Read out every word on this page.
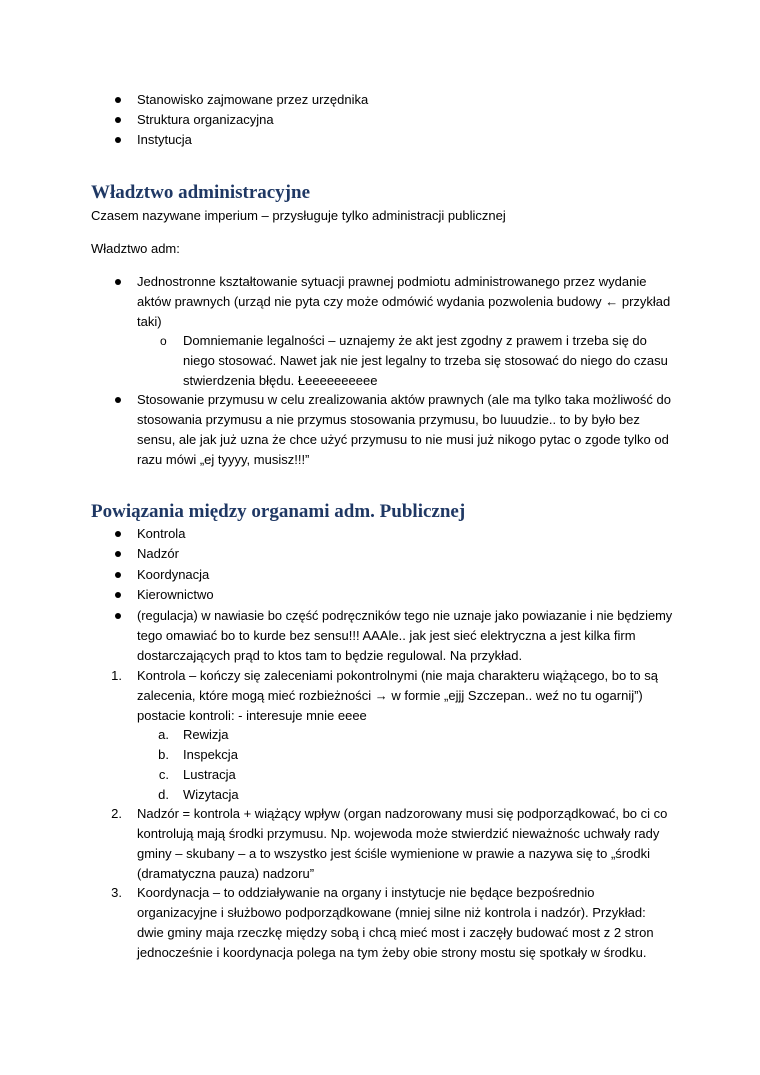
Stanowisko zajmowane przez urzędnika
Struktura organizacyjna
Instytucja
Władztwo administracyjne
Czasem nazywane imperium – przysługuje tylko administracji publicznej
Władztwo adm:
Jednostronne kształtowanie sytuacji prawnej podmiotu administrowanego przez wydanie
aktów prawnych (urząd nie pyta czy może odmówić wydania pozwolenia budowy ← przykład
taki)
o Domniemanie legalności – uznajemy że akt jest zgodny z prawem i trzeba się do
niego stosować. Nawet jak nie jest legalny to trzeba się stosować do niego do czasu
stwierdzenia błędu. Łeeeeeeeeee
Stosowanie przymusu w celu zrealizowania aktów prawnych (ale ma tylko taka możliwość do
stosowania przymusu a nie przymus stosowania przymusu, bo luuudzie.. to by było bez
sensu, ale jak już uzna że chce użyć przymusu to nie musi już nikogo pytac o zgode tylko od
razu mówi „ej tyyyy, musisz!!!”
Powiązania między organami adm. Publicznej
Kontrola
Nadzór
Koordynacja
Kierownictwo
(regulacja) w nawiasie bo część podręczników tego nie uznaje jako powiazanie i nie będziemy
tego omawiać bo to kurde bez sensu!!! AAAle.. jak jest sieć elektryczna a jest kilka firm
dostarczających prąd to ktos tam to będzie regulowal. Na przykład.
1. Kontrola – kończy się zaleceniami pokontrolnymi (nie maja charakteru wiążącego, bo to są
zalecenia, które mogą mieć rozbieżności → w formie „ejjj Szczepan.. weź no tu ogarnij”)
postacie kontroli: - interesuje mnie eeee
a. Rewizja
b. Inspekcja
c. Lustracja
d. Wizytacja
2. Nadzór = kontrola + wiążący wpływ (organ nadzorowany musi się podporządkować, bo ci co
kontrolują mają środki przymusu. Np. wojewoda może stwierdzić nieważnośc uchwały rady
gminy – skubany – a to wszystko jest ściśle wymienione w prawie a nazywa się to „środki
(dramatyczna pauza) nadzoru”
3. Koordynacja – to oddziaływanie na organy i instytucje nie będące bezpośrednio
organizacyjne i służbowo podporządkowane (mniej silne niż kontrola i nadzór). Przykład:
dwie gminy maja rzeczkę między sobą i chcą mieć most i zaczęły budować most z 2 stron
jednocześnie i koordynacja polega na tym żeby obie strony mostu się spotkały w środku.
